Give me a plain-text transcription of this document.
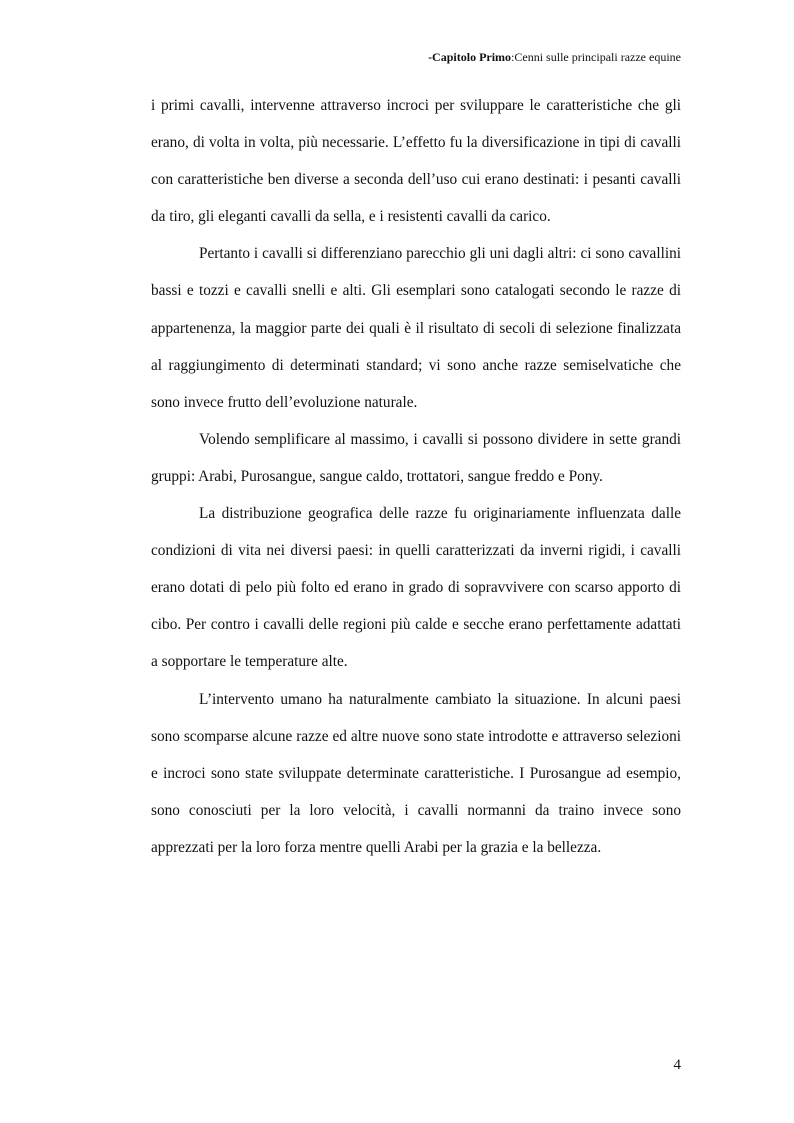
-Capitolo Primo:Cenni sulle principali razze equine

i primi cavalli, intervenne attraverso incroci per sviluppare le caratteristiche che gli erano, di volta in volta, più necessarie. L’effetto fu la diversificazione in tipi di cavalli con caratteristiche ben diverse a seconda dell’uso cui erano destinati: i pesanti cavalli da tiro, gli eleganti cavalli da sella, e i resistenti cavalli da carico.

Pertanto i cavalli si differenziano parecchio gli uni dagli altri: ci sono cavallini bassi e tozzi e cavalli snelli e alti. Gli esemplari sono catalogati secondo le razze di appartenenza, la maggior parte dei quali è il risultato di secoli di selezione finalizzata al raggiungimento di determinati standard; vi sono anche razze semiselvatiche che sono invece frutto dell’evoluzione naturale.

Volendo semplificare al massimo, i cavalli si possono dividere in sette grandi gruppi: Arabi, Purosangue, sangue caldo, trottatori, sangue freddo e Pony.

La distribuzione geografica delle razze fu originariamente influenzata dalle condizioni di vita nei diversi paesi: in quelli caratterizzati da inverni rigidi, i cavalli erano dotati di pelo più folto ed erano in grado di sopravvivere con scarso apporto di cibo. Per contro i cavalli delle regioni più calde e secche erano perfettamente adattati a sopportare le temperature alte.

L’intervento umano ha naturalmente cambiato la situazione. In alcuni paesi sono scomparse alcune razze ed altre nuove sono state introdotte e attraverso selezioni e incroci sono state sviluppate determinate caratteristiche. I Purosangue ad esempio, sono conosciuti per la loro velocità, i cavalli normanni da traino invece sono apprezzati per la loro forza mentre quelli Arabi per la grazia e la bellezza.

4
